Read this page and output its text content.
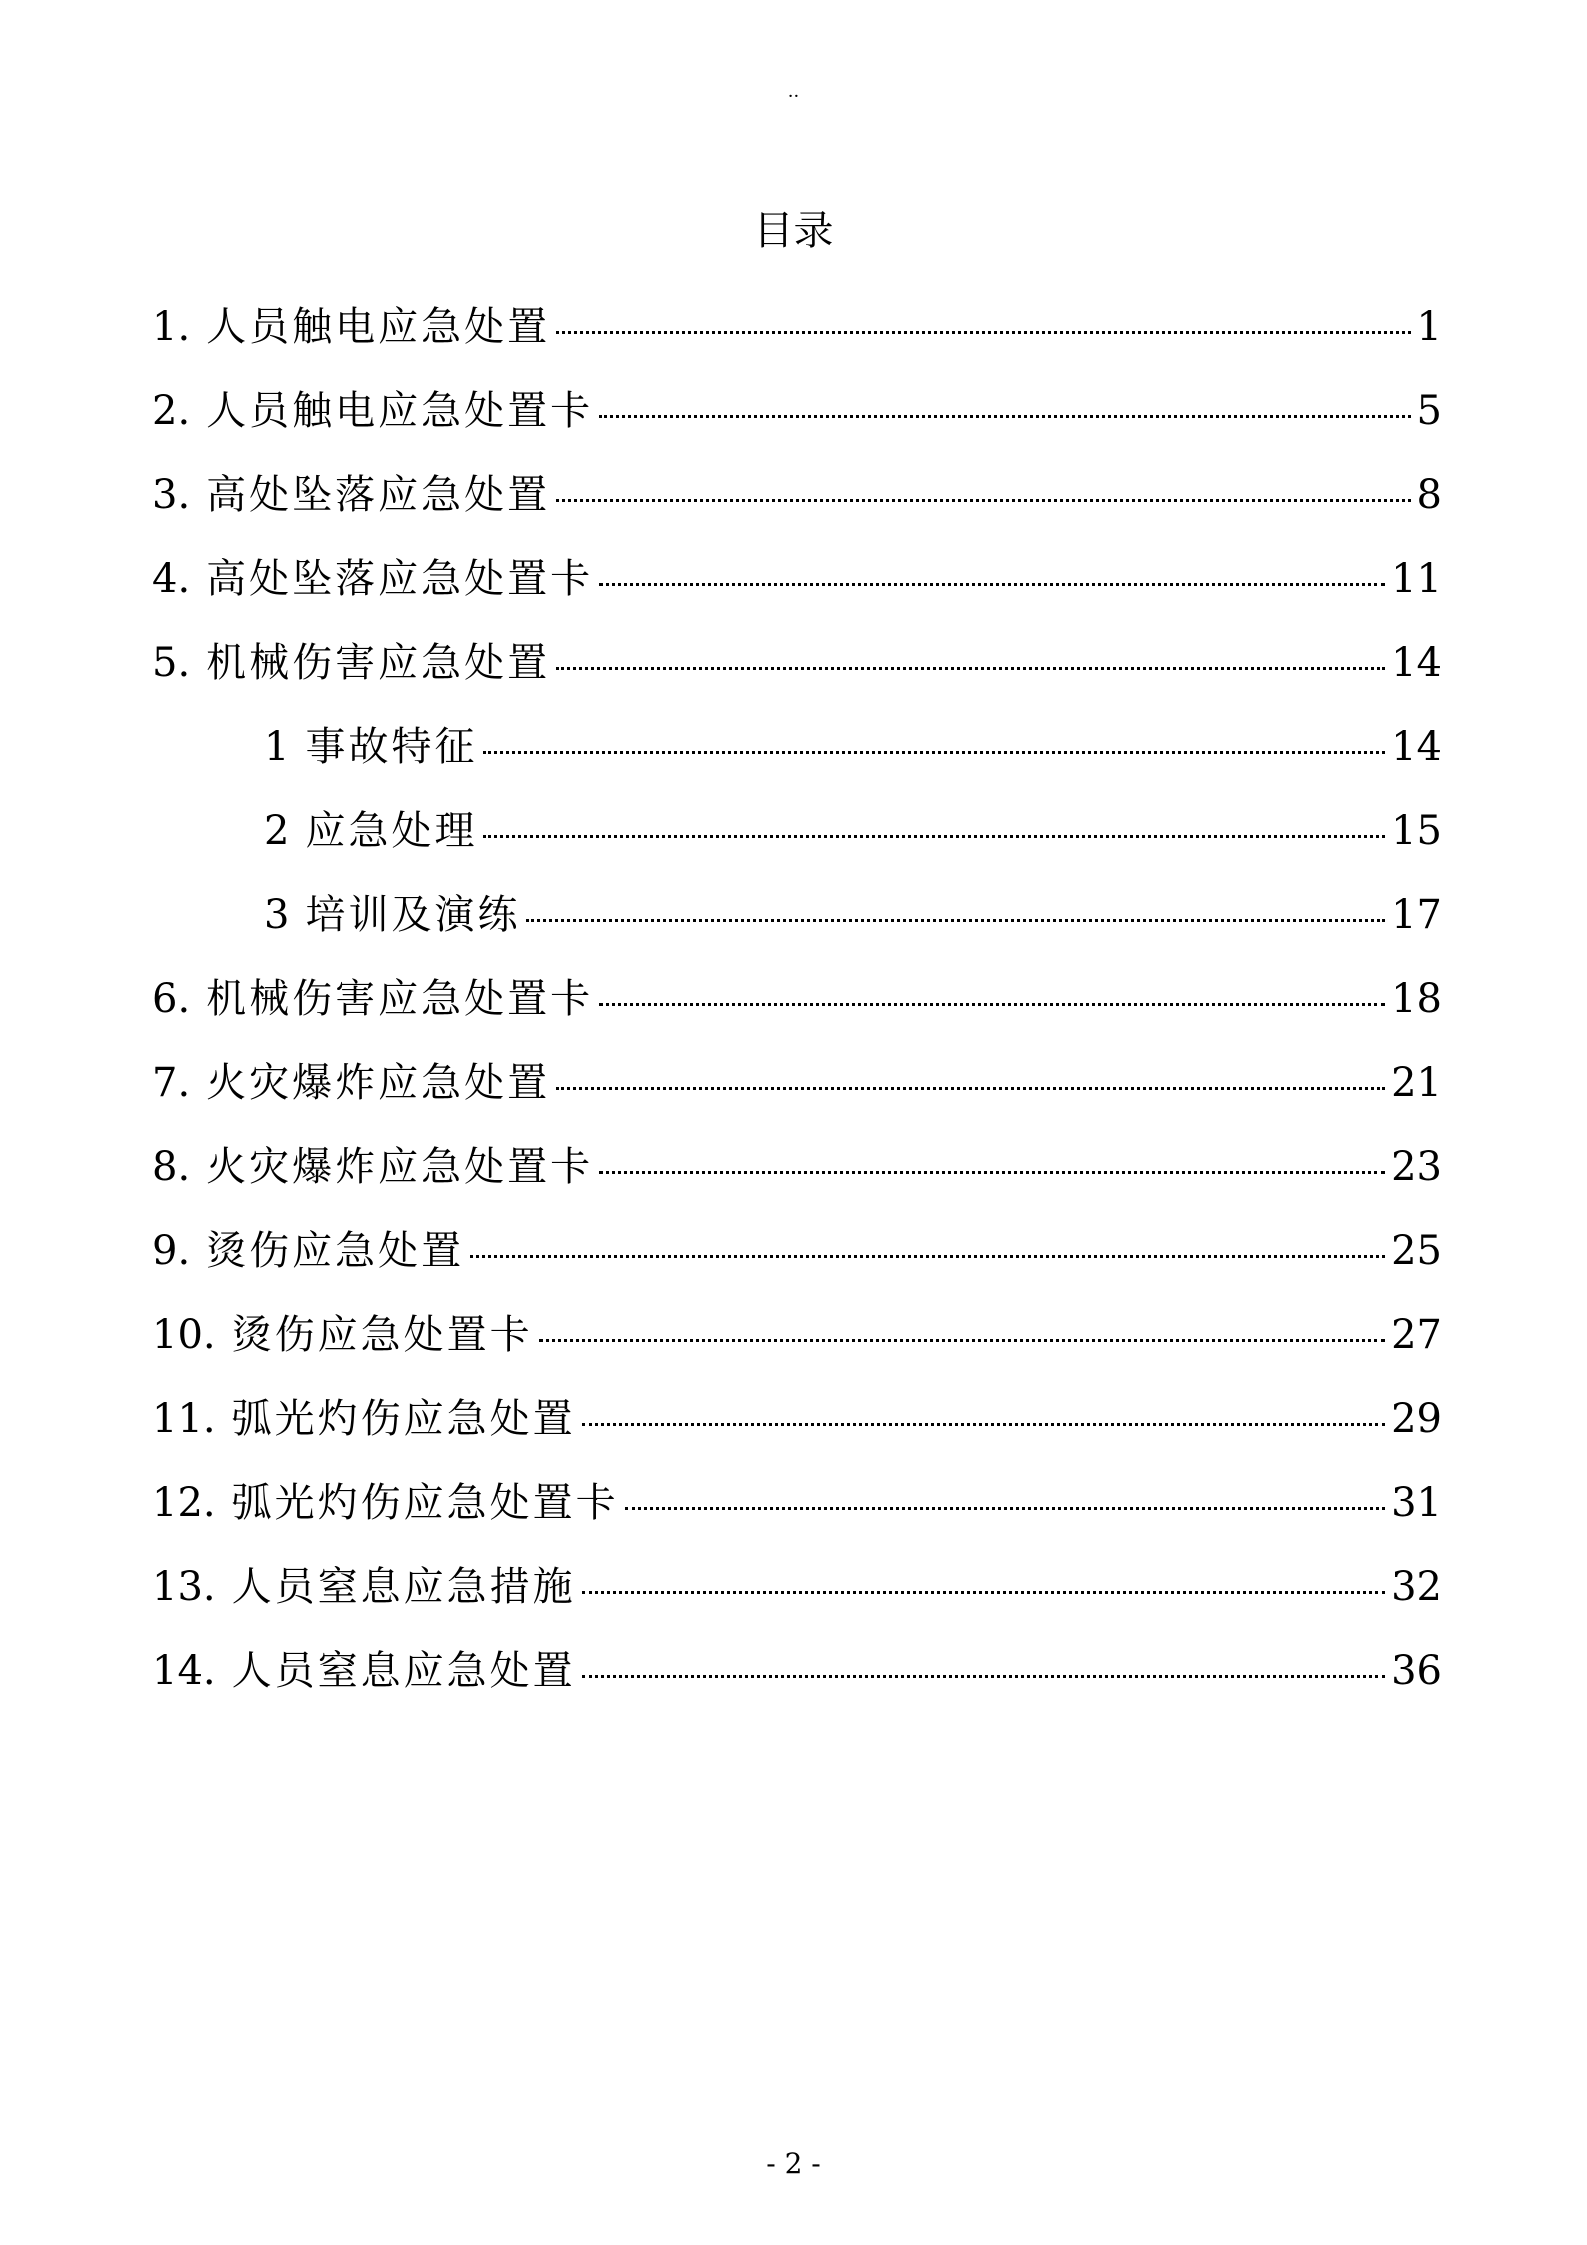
··
目录
1. 人员触电应急处置	1
2. 人员触电应急处置卡	5
3. 高处坠落应急处置	8
4. 高处坠落应急处置卡	11
5. 机械伤害应急处置	14
1 事故特征	14
2 应急处理	15
3 培训及演练	17
6. 机械伤害应急处置卡	18
7. 火灾爆炸应急处置	21
8. 火灾爆炸应急处置卡	23
9. 烫伤应急处置	25
10. 烫伤应急处置卡	27
11. 弧光灼伤应急处置	29
12. 弧光灼伤应急处置卡	31
13. 人员窒息应急措施	32
14. 人员窒息应急处置	36
- 2 -
